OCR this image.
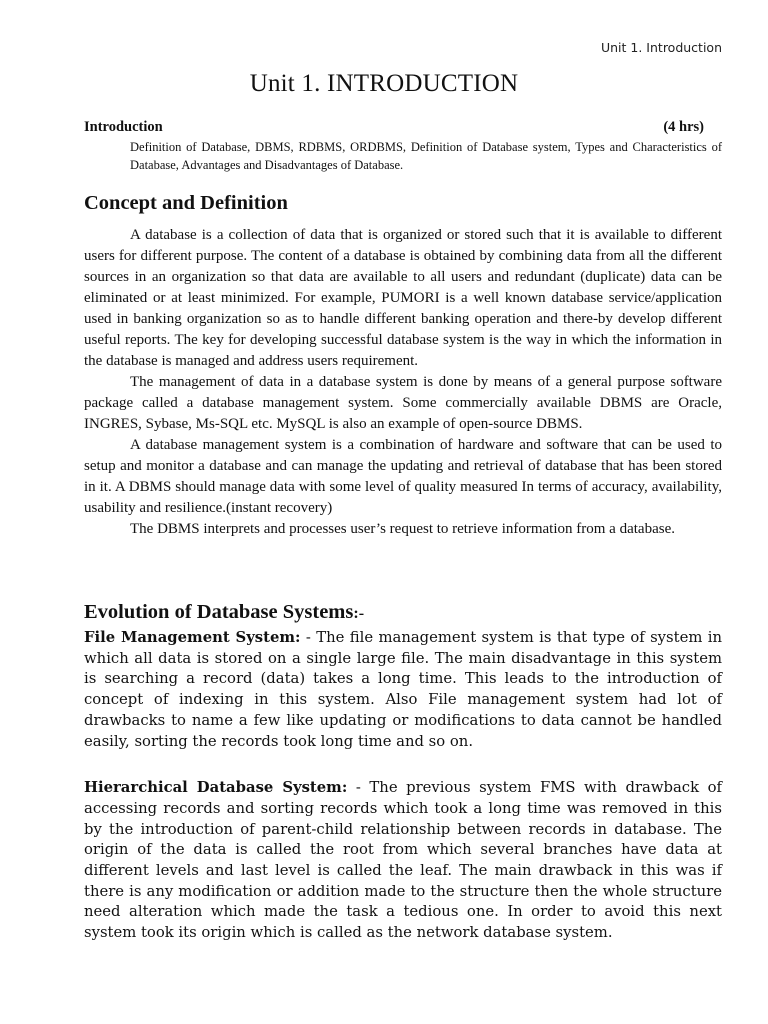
Unit 1. Introduction
Unit 1. INTRODUCTION
Introduction	(4 hrs)

Definition of Database, DBMS, RDBMS, ORDBMS, Definition of Database system, Types and Characteristics of Database, Advantages and Disadvantages of Database.

Concept and Definition

A database is a collection of data that is organized or stored such that it is available to different users for different purpose. The content of a database is obtained by combining data from all the different sources in an organization so that data are available to all users and redundant (duplicate) data can be eliminated or at least minimized. For example, PUMORI is a well known database service/application used in banking organization so as to handle different banking operation and there-by develop different useful reports. The key for developing successful database system is the way in which the information in the database is managed and address users requirement.

The management of data in a database system is done by means of a general purpose software package called a database management system. Some commercially available DBMS are Oracle, INGRES, Sybase, Ms-SQL etc. MySQL is also an example of open-source DBMS.

A database management system is a combination of hardware and software that can be used to setup and monitor a database and can manage the updating and retrieval of database that has been stored in it. A DBMS should manage data with some level of quality measured In terms of accuracy, availability, usability and resilience.(instant recovery)

The DBMS interprets and processes user’s request to retrieve information from a database.

Evolution of Database Systems:-

File Management System: - The file management system is that type of system in which all data is stored on a single large file. The main disadvantage in this system is searching a record (data) takes a long time. This leads to the introduction of concept of indexing in this system. Also File management system had lot of drawbacks to name a few like updating or modifications to data cannot be handled easily, sorting the records took long time and so on.

Hierarchical Database System: - The previous system FMS with drawback of accessing records and sorting records which took a long time was removed in this by the introduction of parent-child relationship between records in database. The origin of the data is called the root from which several branches have data at different levels and last level is called the leaf. The main drawback in this was if there is any modification or addition made to the structure then the whole structure need alteration which made the task a tedious one. In order to avoid this next system took its origin which is called as the network database system.
